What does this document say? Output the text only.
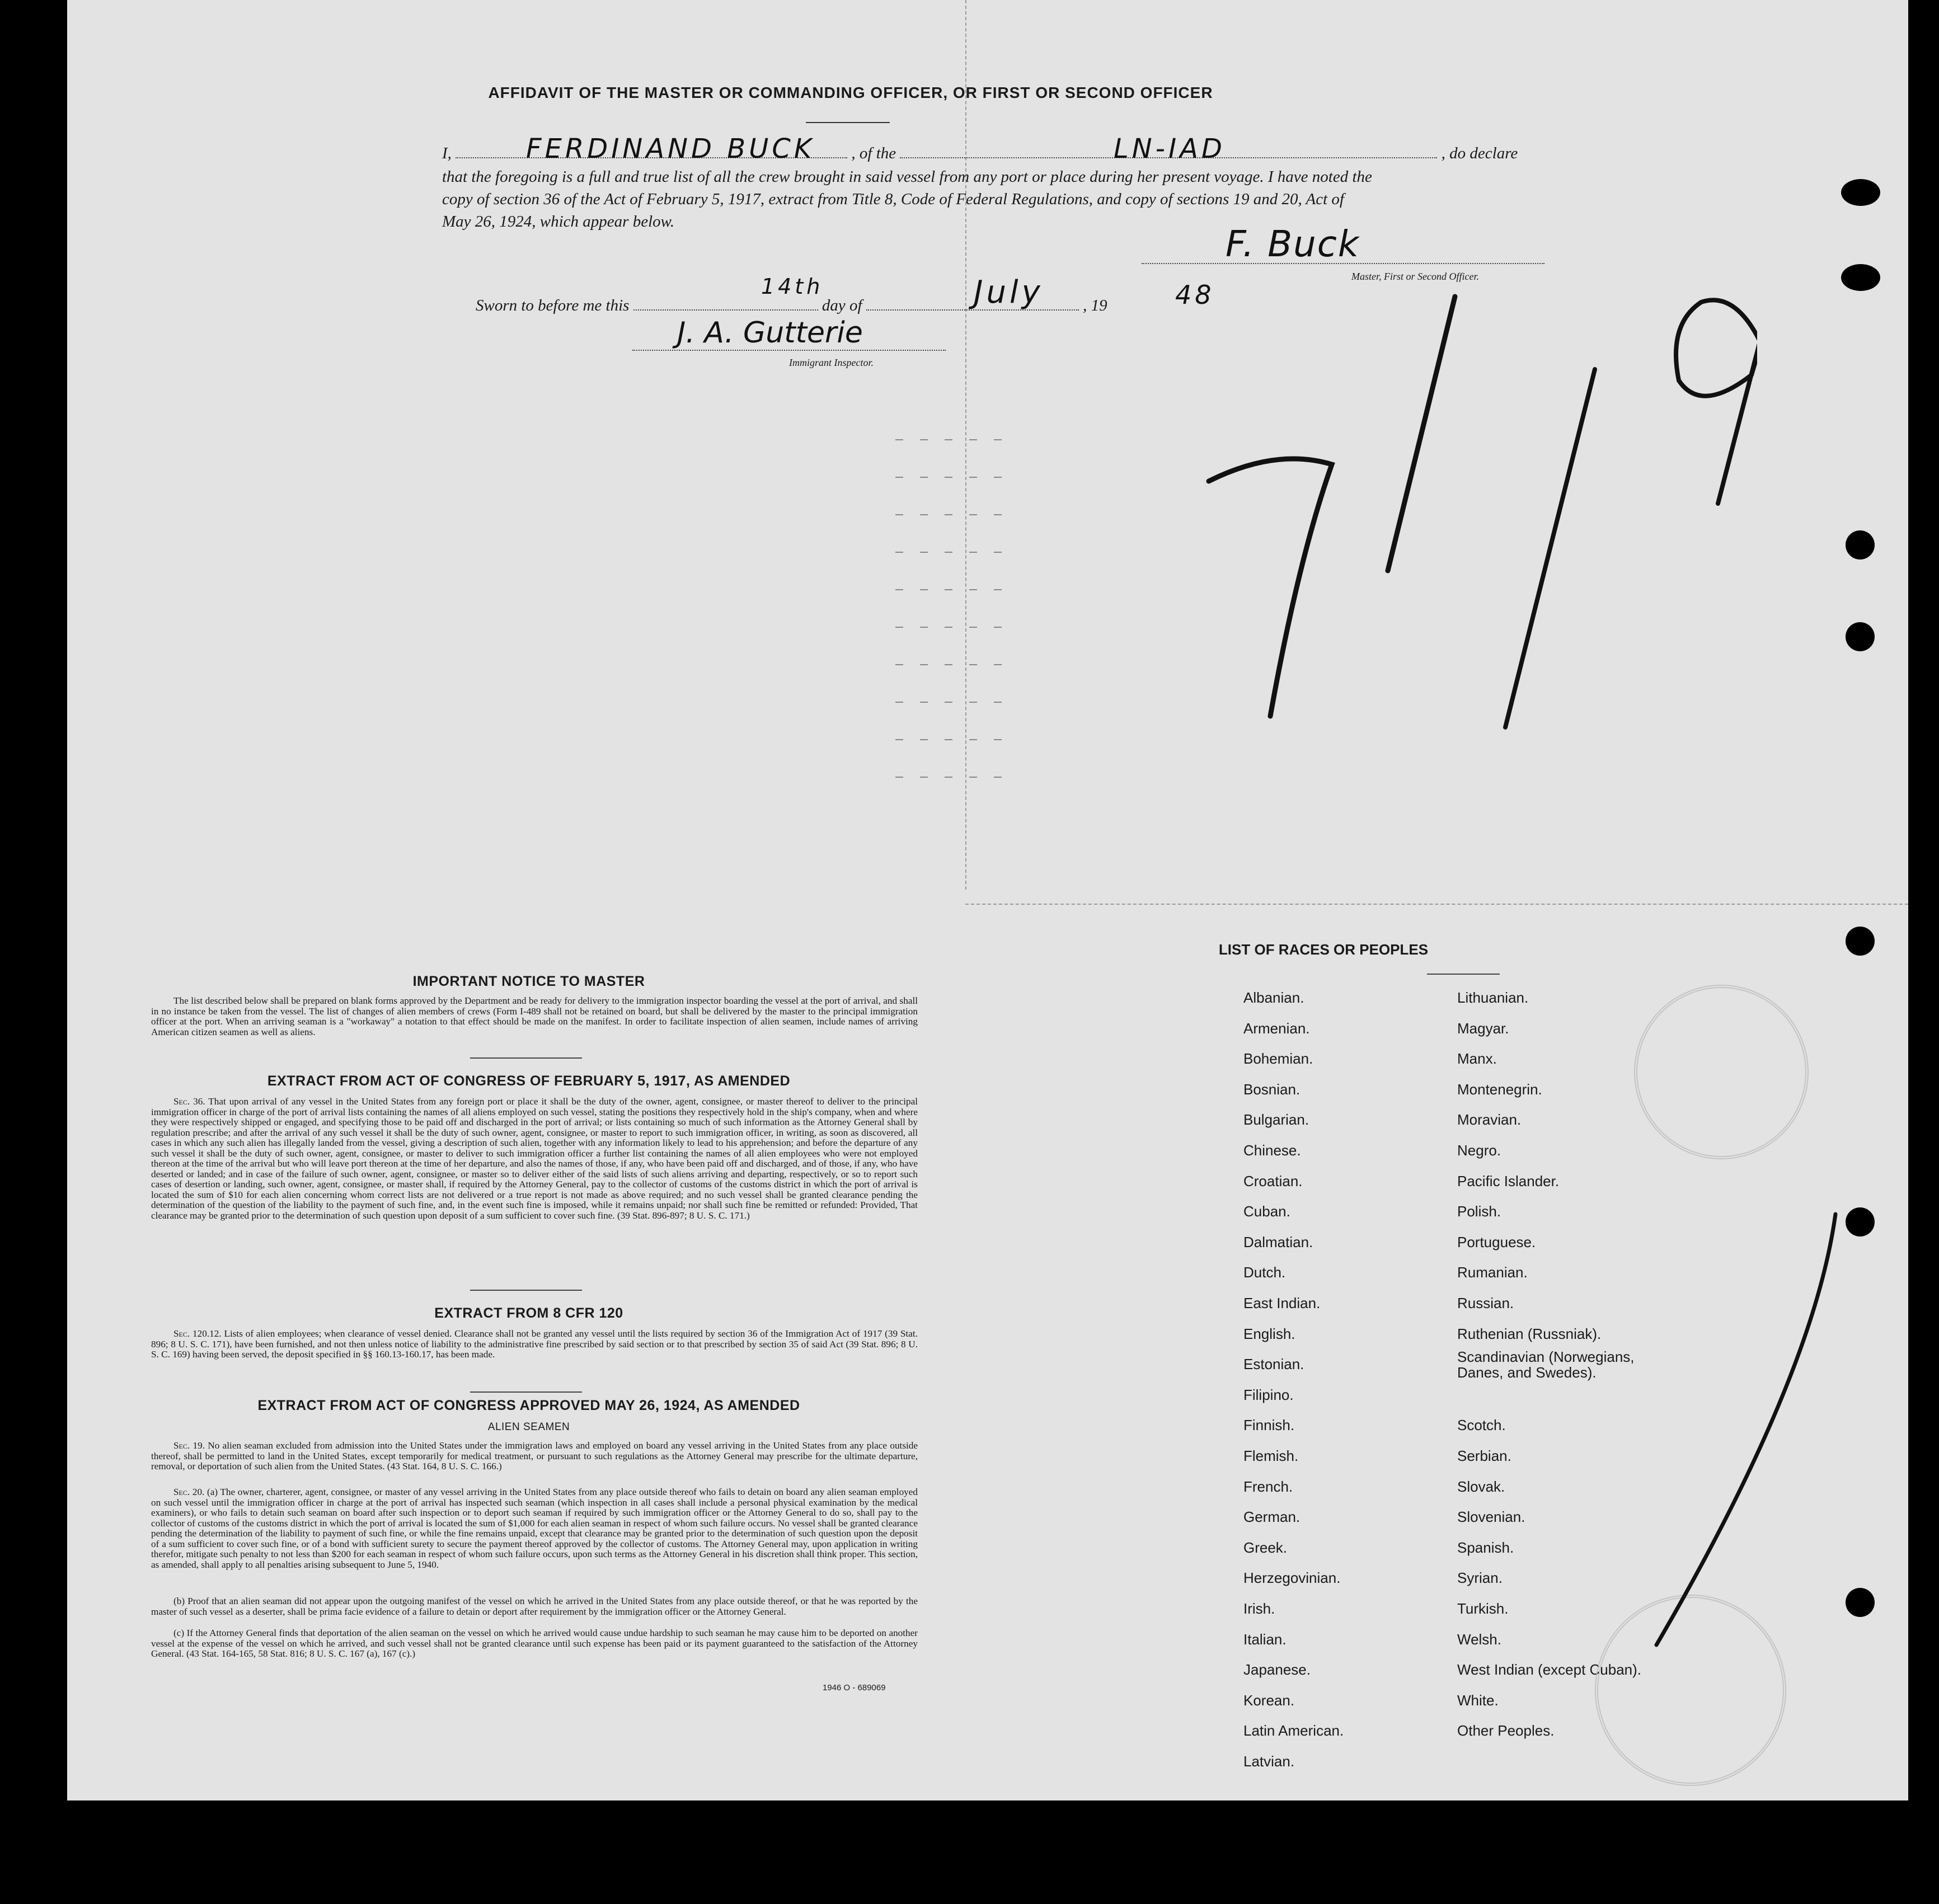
AFFIDAVIT OF THE MASTER OR COMMANDING OFFICER, OR FIRST OR SECOND OFFICER
I,	, of the	, do declare
FERDINAND BUCK	LN-IAD
that the foregoing is a full and true list of all the crew brought in said vessel from any port or place during her present voyage. I have noted the
copy of section 36 of the Act of February 5, 1917, extract from Title 8, Code of Federal Regulations, and copy of sections 19 and 20, Act of
May 26, 1924, which appear below.
F. Buck
Master, First or Second Officer.
Sworn to before me this	day of	, 19
14th	July	48
J. A. Gutterie
Immigrant Inspector.
IMPORTANT NOTICE TO MASTER
The list described below shall be prepared on blank forms approved by the Department and be ready for delivery to the immigration inspector boarding the vessel at the port of arrival, and shall in no instance be taken from the vessel. The list of changes of alien members of crews (Form I-489 shall not be retained on board, but shall be delivered by the master to the principal immigration officer at the port. When an arriving seaman is a "workaway" a notation to that effect should be made on the manifest. In order to facilitate inspection of alien seamen, include names of arriving American citizen seamen as well as aliens.
EXTRACT FROM ACT OF CONGRESS OF FEBRUARY 5, 1917, AS AMENDED
Sec. 36. That upon arrival of any vessel in the United States from any foreign port or place it shall be the duty of the owner, agent, consignee, or master thereof to deliver to the principal immigration officer in charge of the port of arrival lists containing the names of all aliens employed on such vessel, stating the positions they respectively hold in the ship's company, when and where they were respectively shipped or engaged, and specifying those to be paid off and discharged in the port of arrival; or lists containing so much of such information as the Attorney General shall by regulation prescribe; and after the arrival of any such vessel it shall be the duty of such owner, agent, consignee, or master to report to such immigration officer, in writing, as soon as discovered, all cases in which any such alien has illegally landed from the vessel, giving a description of such alien, together with any information likely to lead to his apprehension; and before the departure of any such vessel it shall be the duty of such owner, agent, consignee, or master to deliver to such immigration officer a further list containing the names of all alien employees who were not employed thereon at the time of the arrival but who will leave port thereon at the time of her departure, and also the names of those, if any, who have been paid off and discharged, and of those, if any, who have deserted or landed; and in case of the failure of such owner, agent, consignee, or master so to deliver either of the said lists of such aliens arriving and departing, respectively, or so to report such cases of desertion or landing, such owner, agent, consignee, or master shall, if required by the Attorney General, pay to the collector of customs of the customs district in which the port of arrival is located the sum of $10 for each alien concerning whom correct lists are not delivered or a true report is not made as above required; and no such vessel shall be granted clearance pending the determination of the question of the liability to the payment of such fine, and, in the event such fine is imposed, while it remains unpaid; nor shall such fine be remitted or refunded: Provided, That clearance may be granted prior to the determination of such question upon deposit of a sum sufficient to cover such fine. (39 Stat. 896-897; 8 U. S. C. 171.)
EXTRACT FROM 8 CFR 120
Sec. 120.12. Lists of alien employees; when clearance of vessel denied. Clearance shall not be granted any vessel until the lists required by section 36 of the Immigration Act of 1917 (39 Stat. 896; 8 U. S. C. 171), have been furnished, and not then unless notice of liability to the administrative fine prescribed by said section or to that prescribed by section 35 of said Act (39 Stat. 896; 8 U. S. C. 169) having been served, the deposit specified in §§ 160.13-160.17, has been made.
EXTRACT FROM ACT OF CONGRESS APPROVED MAY 26, 1924, AS AMENDED
ALIEN SEAMEN
Sec. 19. No alien seaman excluded from admission into the United States under the immigration laws and employed on board any vessel arriving in the United States from any place outside thereof, shall be permitted to land in the United States, except temporarily for medical treatment, or pursuant to such regulations as the Attorney General may prescribe for the ultimate departure, removal, or deportation of such alien from the United States. (43 Stat. 164, 8 U. S. C. 166.)
Sec. 20. (a) The owner, charterer, agent, consignee, or master of any vessel arriving in the United States from any place outside thereof who fails to detain on board any alien seaman employed on such vessel until the immigration officer in charge at the port of arrival has inspected such seaman (which inspection in all cases shall include a personal physical examination by the medical examiners), or who fails to detain such seaman on board after such inspection or to deport such seaman if required by such immigration officer or the Attorney General to do so, shall pay to the collector of customs of the customs district in which the port of arrival is located the sum of $1,000 for each alien seaman in respect of whom such failure occurs. No vessel shall be granted clearance pending the determination of the liability to payment of such fine, or while the fine remains unpaid, except that clearance may be granted prior to the determination of such question upon the deposit of a sum sufficient to cover such fine, or of a bond with sufficient surety to secure the payment thereof approved by the collector of customs. The Attorney General may, upon application in writing therefor, mitigate such penalty to not less than $200 for each seaman in respect of whom such failure occurs, upon such terms as the Attorney General in his discretion shall think proper. This section, as amended, shall apply to all penalties arising subsequent to June 5, 1940.
(b) Proof that an alien seaman did not appear upon the outgoing manifest of the vessel on which he arrived in the United States from any place outside thereof, or that he was reported by the master of such vessel as a deserter, shall be prima facie evidence of a failure to detain or deport after requirement by the immigration officer or the Attorney General.
(c) If the Attorney General finds that deportation of the alien seaman on the vessel on which he arrived would cause undue hardship to such seaman he may cause him to be deported on another vessel at the expense of the vessel on which he arrived, and such vessel shall not be granted clearance until such expense has been paid or its payment guaranteed to the satisfaction of the Attorney General. (43 Stat. 164-165, 58 Stat. 816; 8 U. S. C. 167 (a), 167 (c).)
1946 O - 689069
LIST OF RACES OR PEOPLES
Albanian.
Armenian.
Bohemian.
Bosnian.
Bulgarian.
Chinese.
Croatian.
Cuban.
Dalmatian.
Dutch.
East Indian.
English.
Estonian.
Filipino.
Finnish.
Flemish.
French.
German.
Greek.
Herzegovinian.
Irish.
Italian.
Japanese.
Korean.
Latin American.
Latvian.
Lithuanian.
Magyar.
Manx.
Montenegrin.
Moravian.
Negro.
Pacific Islander.
Polish.
Portuguese.
Rumanian.
Russian.
Ruthenian (Russniak).
Scandinavian (Norwegians, Danes, and Swedes).
Scotch.
Serbian.
Slovak.
Slovenian.
Spanish.
Syrian.
Turkish.
Welsh.
West Indian (except Cuban).
White.
Other Peoples.
